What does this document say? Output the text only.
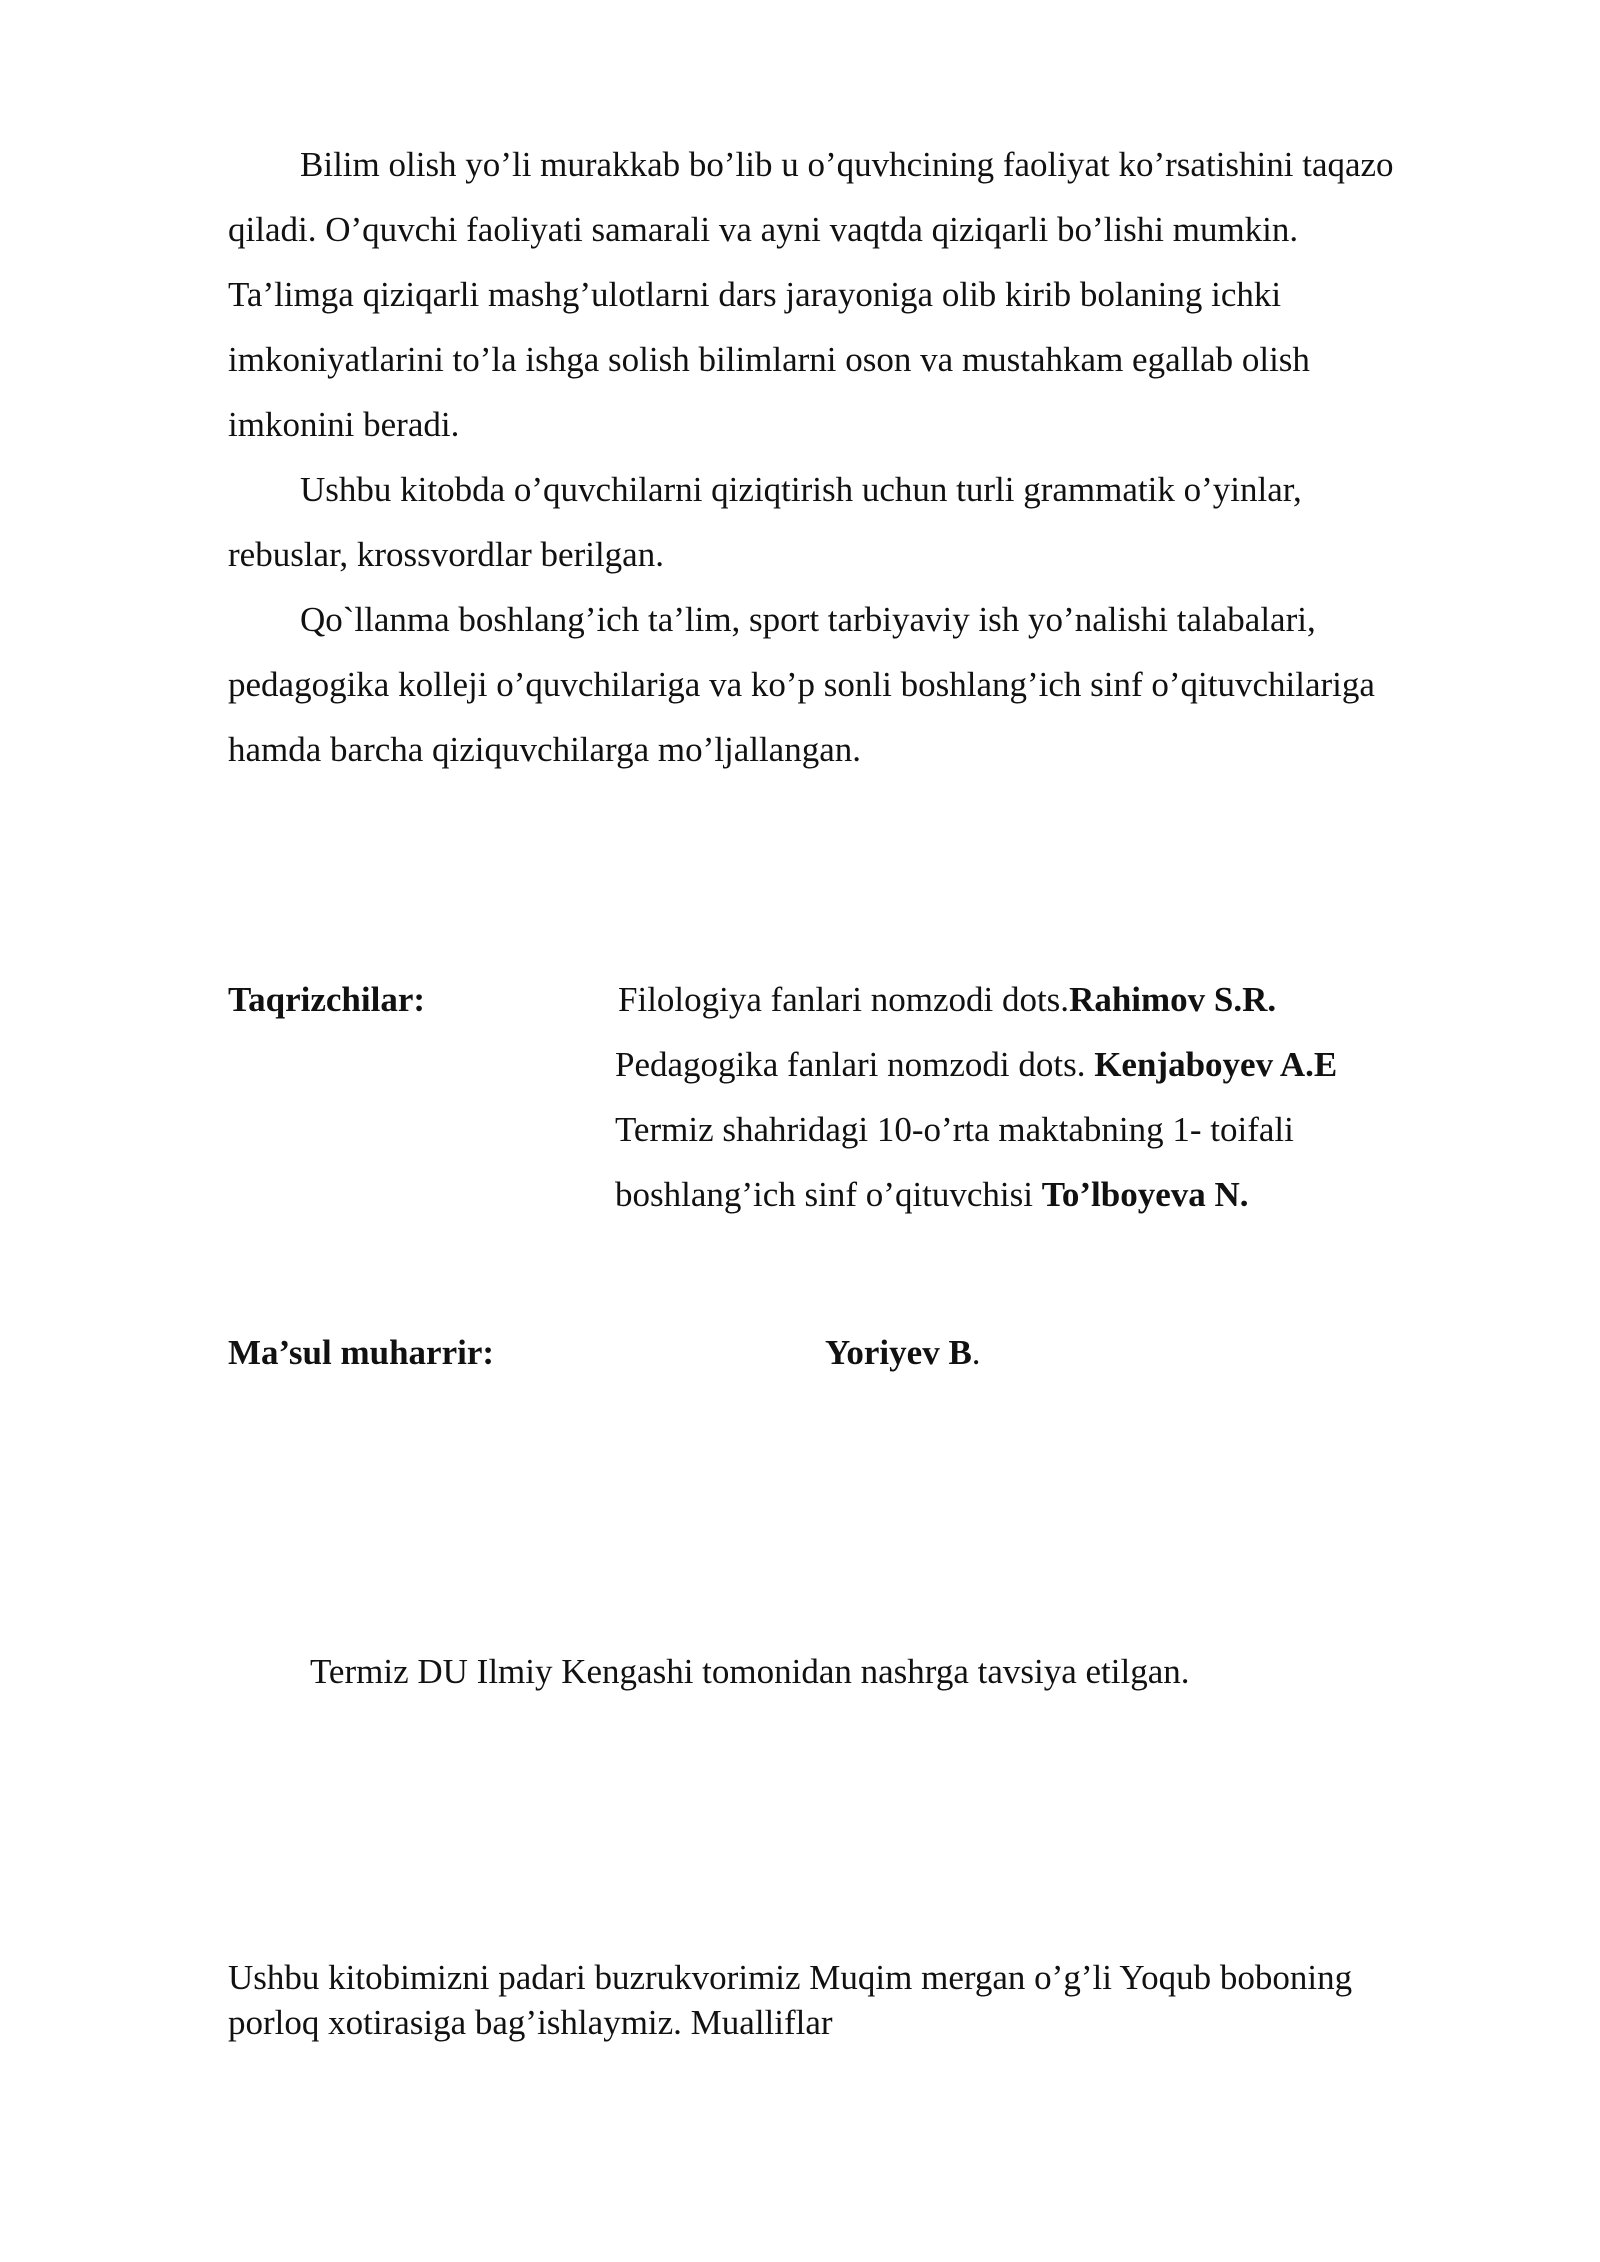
Bilim olish yo’li murakkab bo’lib u o’quvhcining faoliyat ko’rsatishini taqazo
qiladi. O’quvchi faoliyati samarali va ayni vaqtda qiziqarli bo’lishi mumkin.
Ta’limga qiziqarli mashg’ulotlarni dars jarayoniga olib kirib bolaning ichki
imkoniyatlarini to’la ishga solish bilimlarni oson va mustahkam egallab olish
imkonini beradi.
Ushbu kitobda o’quvchilarni qiziqtirish uchun turli grammatik o’yinlar,
rebuslar, krossvordlar berilgan.
Qo`llanma boshlang’ich ta’lim, sport tarbiyaviy ish yo’nalishi talabalari,
pedagogika kolleji o’quvchilariga va ko’p sonli boshlang’ich sinf o’qituvchilariga
hamda barcha qiziquvchilarga mo’ljallangan.
Taqrizchilar:	Filologiya fanlari nomzodi dots.Rahimov S.R.
Pedagogika fanlari nomzodi dots. Kenjaboyev A.E
Termiz shahridagi 10-o’rta maktabning 1- toifali
boshlang’ich sinf o’qituvchisi To’lboyeva N.
Ma’sul muharrir:	Yoriyev B.
Termiz DU Ilmiy Kengashi tomonidan nashrga tavsiya etilgan.
Ushbu kitobimizni padari buzrukvorimiz Muqim mergan o’g’li Yoqub boboning
porloq xotirasiga bag’ishlaymiz. Mualliflar
